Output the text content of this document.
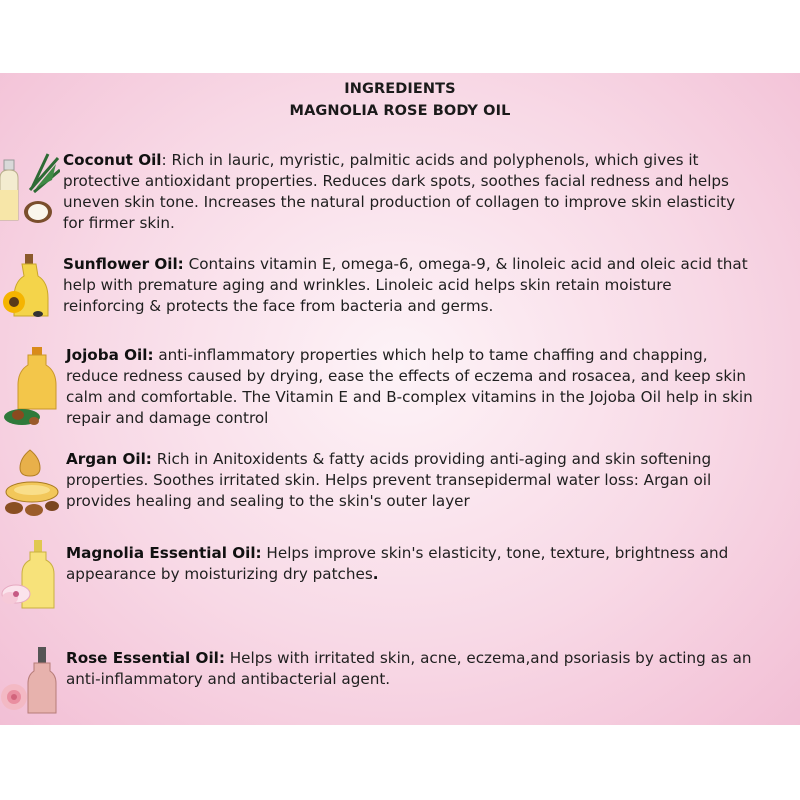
INGREDIENTS
MAGNOLIA ROSE BODY OIL
Coconut Oil: Rich in lauric, myristic, palmitic acids and polyphenols, which gives it protective antioxidant properties. Reduces dark spots, soothes facial redness and helps uneven skin tone. Increases the natural production of collagen to improve skin elasticity for firmer skin.
Sunflower Oil: Contains vitamin E, omega-6, omega-9, & linoleic acid and oleic acid that help with premature aging and wrinkles. Linoleic acid helps skin retain moisture reinforcing & protects the face from bacteria and germs.
Jojoba Oil: anti-inflammatory properties which help to tame chaffing and chapping, reduce redness caused by drying, ease the effects of eczema and rosacea, and keep skin calm and comfortable. The Vitamin E and B-complex vitamins in the Jojoba Oil help in skin repair and damage control
Argan Oil: Rich in Anitoxidents & fatty acids providing anti-aging and skin softening properties. Soothes irritated skin. Helps prevent transepidermal water loss: Argan oil provides healing and sealing to the skin's outer layer
Magnolia Essential Oil: Helps improve skin's elasticity, tone, texture, brightness and appearance by moisturizing dry patches.
Rose Essential Oil: Helps with irritated skin, acne, eczema,and psoriasis by acting as an anti-inflammatory and antibacterial agent.
